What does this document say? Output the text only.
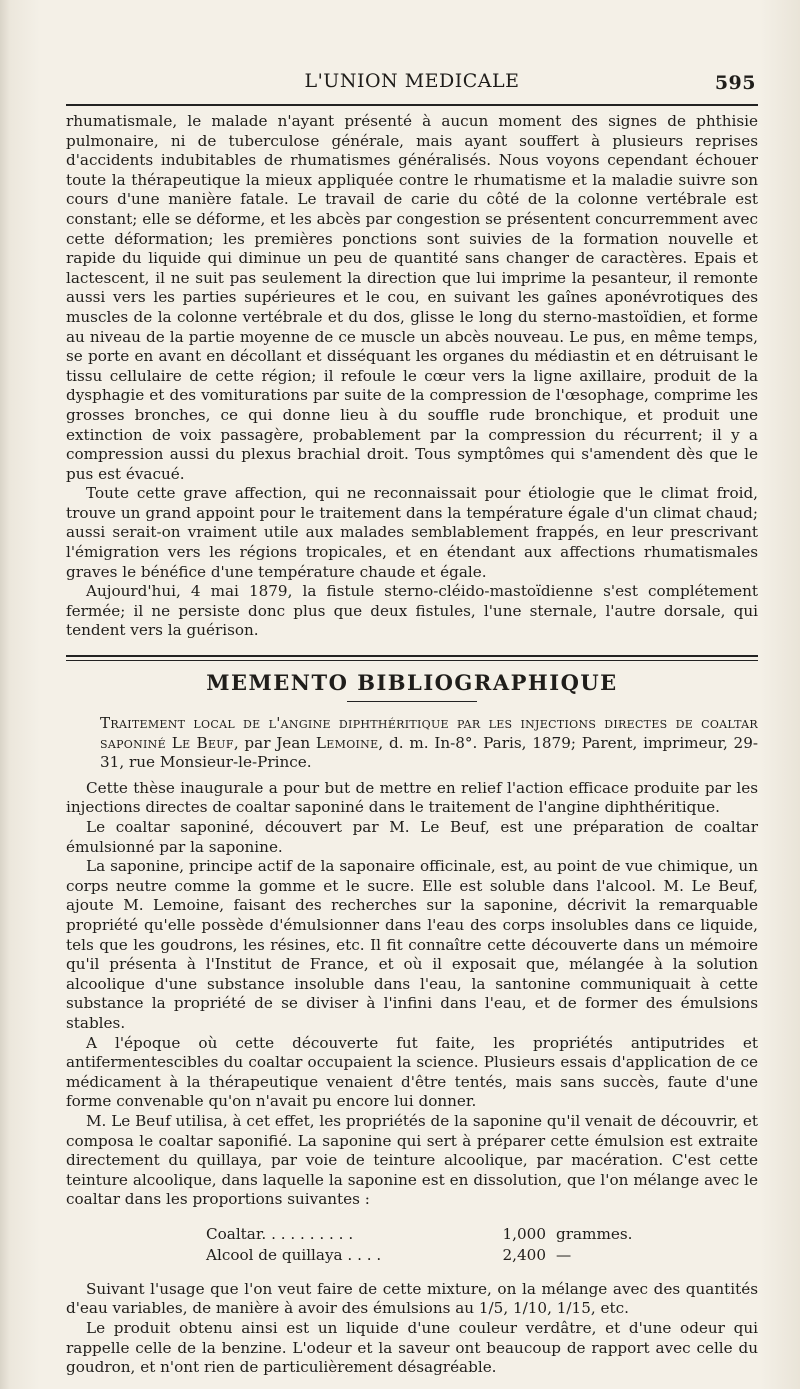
L'UNION MEDICALE	595

rhumatismale, le malade n'ayant présenté à aucun moment des signes de phthisie pulmonaire, ni de tuberculose générale, mais ayant souffert à plusieurs reprises d'accidents indubitables de rhumatismes généralisés. Nous voyons cependant échouer toute la thérapeutique la mieux appliquée contre le rhumatisme et la maladie suivre son cours d'une manière fatale. Le travail de carie du côté de la colonne vertébrale est constant; elle se déforme, et les abcès par congestion se présentent concurremment avec cette déformation; les premières ponctions sont suivies de la formation nouvelle et rapide du liquide qui diminue un peu de quantité sans changer de caractères. Epais et lactescent, il ne suit pas seulement la direction que lui imprime la pesanteur, il remonte aussi vers les parties supérieures et le cou, en suivant les gaînes aponévrotiques des muscles de la colonne vertébrale et du dos, glisse le long du sterno-mastoïdien, et forme au niveau de la partie moyenne de ce muscle un abcès nouveau. Le pus, en même temps, se porte en avant en décollant et disséquant les organes du médiastin et en détruisant le tissu cellulaire de cette région; il refoule le cœur vers la ligne axillaire, produit de la dysphagie et des vomiturations par suite de la compression de l'œsophage, comprime les grosses bronches, ce qui donne lieu à du souffle rude bronchique, et produit une extinction de voix passagère, probablement par la compression du récurrent; il y a compression aussi du plexus brachial droit. Tous symptômes qui s'amendent dès que le pus est évacué.

Toute cette grave affection, qui ne reconnaissait pour étiologie que le climat froid, trouve un grand appoint pour le traitement dans la température égale d'un climat chaud; aussi serait-on vraiment utile aux malades semblablement frappés, en leur prescrivant l'émigration vers les régions tropicales, et en étendant aux affections rhumatismales graves le bénéfice d'une température chaude et égale.

Aujourd'hui, 4 mai 1879, la fistule sterno-cléido-mastoïdienne s'est complétement fermée; il ne persiste donc plus que deux fistules, l'une sternale, l'autre dorsale, qui tendent vers la guérison.

MEMENTO BIBLIOGRAPHIQUE

Traitement local de l'angine diphthéritique par les injections directes de coaltar saponiné Le Beuf, par Jean Lemoine, d. m. In-8°. Paris, 1879; Parent, imprimeur, 29-31, rue Monsieur-le-Prince.

Cette thèse inaugurale a pour but de mettre en relief l'action efficace produite par les injections directes de coaltar saponiné dans le traitement de l'angine diphthéritique.

Le coaltar saponiné, découvert par M. Le Beuf, est une préparation de coaltar émulsionné par la saponine.

La saponine, principe actif de la saponaire officinale, est, au point de vue chimique, un corps neutre comme la gomme et le sucre. Elle est soluble dans l'alcool. M. Le Beuf, ajoute M. Lemoine, faisant des recherches sur la saponine, décrivit la remarquable propriété qu'elle possède d'émulsionner dans l'eau des corps insolubles dans ce liquide, tels que les goudrons, les résines, etc. Il fit connaître cette découverte dans un mémoire qu'il présenta à l'Institut de France, et où il exposait que, mélangée à la solution alcoolique d'une substance insoluble dans l'eau, la santonine communiquait à cette substance la propriété de se diviser à l'infini dans l'eau, et de former des émulsions stables.

A l'époque où cette découverte fut faite, les propriétés antiputrides et antifermentescibles du coaltar occupaient la science. Plusieurs essais d'application de ce médicament à la thérapeutique venaient d'être tentés, mais sans succès, faute d'une forme convenable qu'on n'avait pu encore lui donner.

M. Le Beuf utilisa, à cet effet, les propriétés de la saponine qu'il venait de découvrir, et composa le coaltar saponifié. La saponine qui sert à préparer cette émulsion est extraite directement du quillaya, par voie de teinture alcoolique, par macération. C'est cette teinture alcoolique, dans laquelle la saponine est en dissolution, que l'on mélange avec le coaltar dans les proportions suivantes :

Coaltar. . . . . . . . . .	1,000 grammes.
Alcool de quillaya . . . .	2,400 —

Suivant l'usage que l'on veut faire de cette mixture, on la mélange avec des quantités d'eau variables, de manière à avoir des émulsions au 1/5, 1/10, 1/15, etc.

Le produit obtenu ainsi est un liquide d'une couleur verdâtre, et d'une odeur qui rappelle celle de la benzine. L'odeur et la saveur ont beaucoup de rapport avec celle du goudron, et n'ont rien de particulièrement désagréable.
